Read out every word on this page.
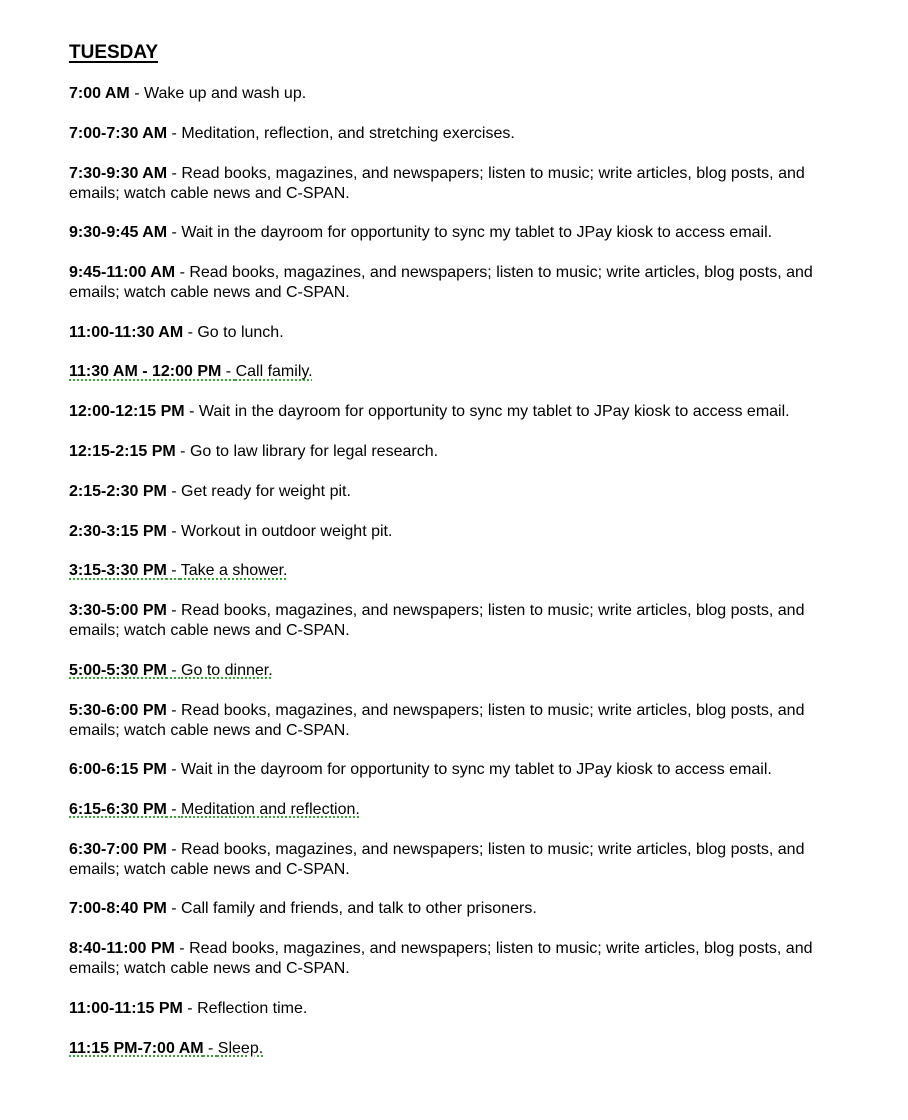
TUESDAY
7:00 AM - Wake up and wash up.
7:00-7:30 AM - Meditation, reflection, and stretching exercises.
7:30-9:30 AM - Read books, magazines, and newspapers; listen to music; write articles, blog posts, and emails; watch cable news and C-SPAN.
9:30-9:45 AM - Wait in the dayroom for opportunity to sync my tablet to JPay kiosk to access email.
9:45-11:00 AM - Read books, magazines, and newspapers; listen to music; write articles, blog posts, and emails; watch cable news and C-SPAN.
11:00-11:30 AM - Go to lunch.
11:30 AM - 12:00 PM - Call family.
12:00-12:15 PM - Wait in the dayroom for opportunity to sync my tablet to JPay kiosk to access email.
12:15-2:15 PM - Go to law library for legal research.
2:15-2:30 PM - Get ready for weight pit.
2:30-3:15 PM - Workout in outdoor weight pit.
3:15-3:30 PM - Take a shower.
3:30-5:00 PM - Read books, magazines, and newspapers; listen to music; write articles, blog posts, and emails; watch cable news and C-SPAN.
5:00-5:30 PM - Go to dinner.
5:30-6:00 PM - Read books, magazines, and newspapers; listen to music; write articles, blog posts, and emails; watch cable news and C-SPAN.
6:00-6:15 PM - Wait in the dayroom for opportunity to sync my tablet to JPay kiosk to access email.
6:15-6:30 PM - Meditation and reflection.
6:30-7:00 PM - Read books, magazines, and newspapers; listen to music; write articles, blog posts, and emails; watch cable news and C-SPAN.
7:00-8:40 PM - Call family and friends, and talk to other prisoners.
8:40-11:00 PM - Read books, magazines, and newspapers; listen to music; write articles, blog posts, and emails; watch cable news and C-SPAN.
11:00-11:15 PM - Reflection time.
11:15 PM-7:00 AM - Sleep.
